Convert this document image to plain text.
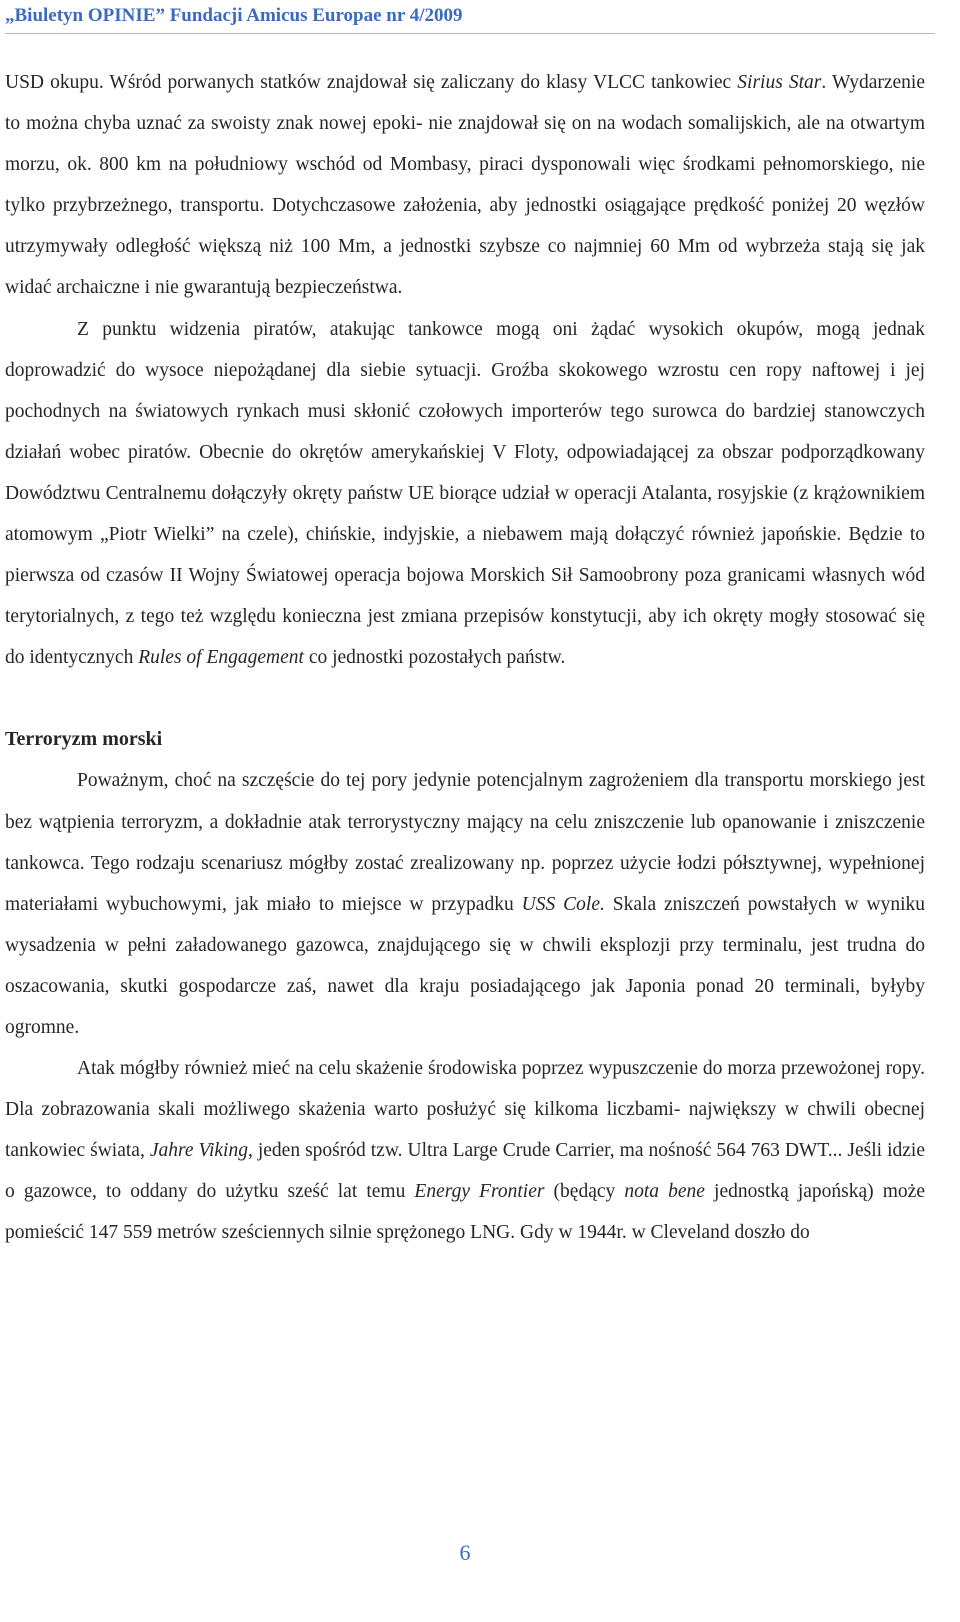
„Biuletyn OPINIE” Fundacji Amicus Europae nr 4/2009

USD okupu. Wśród porwanych statków znajdował się zaliczany do klasy VLCC tankowiec Sirius Star. Wydarzenie to można chyba uznać za swoisty znak nowej epoki- nie znajdował się on na wodach somalijskich, ale na otwartym morzu, ok. 800 km na południowy wschód od Mombasy, piraci dysponowali więc środkami pełnomorskiego, nie tylko przybrzeżnego, transportu. Dotychczasowe założenia, aby jednostki osiągające prędkość poniżej 20 węzłów utrzymywały odległość większą niż 100 Mm, a jednostki szybsze co najmniej 60 Mm od wybrzeża stają się jak widać archaiczne i nie gwarantują bezpieczeństwa.

Z punktu widzenia piratów, atakując tankowce mogą oni żądać wysokich okupów, mogą jednak doprowadzić do wysoce niepożądanej dla siebie sytuacji. Groźba skokowego wzrostu cen ropy naftowej i jej pochodnych na światowych rynkach musi skłonić czołowych importerów tego surowca do bardziej stanowczych działań wobec piratów. Obecnie do okrętów amerykańskiej V Floty, odpowiadającej za obszar podporządkowany Dowództwu Centralnemu dołączyły okręty państw UE biorące udział w operacji Atalanta, rosyjskie (z krążownikiem atomowym „Piotr Wielki” na czele), chińskie, indyjskie, a niebawem mają dołączyć również japońskie. Będzie to pierwsza od czasów II Wojny Światowej operacja bojowa Morskich Sił Samoobrony poza granicami własnych wód terytorialnych, z tego też względu konieczna jest zmiana przepisów konstytucji, aby ich okręty mogły stosować się do identycznych Rules of Engagement co jednostki pozostałych państw.

Terroryzm morski

Poważnym, choć na szczęście do tej pory jedynie potencjalnym zagrożeniem dla transportu morskiego jest bez wątpienia terroryzm, a dokładnie atak terrorystyczny mający na celu zniszczenie lub opanowanie i zniszczenie tankowca. Tego rodzaju scenariusz mógłby zostać zrealizowany np. poprzez użycie łodzi półsztywnej, wypełnionej materiałami wybuchowymi, jak miało to miejsce w przypadku USS Cole. Skala zniszczeń powstałych w wyniku wysadzenia w pełni załadowanego gazowca, znajdującego się w chwili eksplozji przy terminalu, jest trudna do oszacowania, skutki gospodarcze zaś, nawet dla kraju posiadającego jak Japonia ponad 20 terminali, byłyby ogromne.

Atak mógłby również mieć na celu skażenie środowiska poprzez wypuszczenie do morza przewożonej ropy. Dla zobrazowania skali możliwego skażenia warto posłużyć się kilkoma liczbami- największy w chwili obecnej tankowiec świata, Jahre Viking, jeden spośród tzw. Ultra Large Crude Carrier, ma nośność 564 763 DWT... Jeśli idzie o gazowce, to oddany do użytku sześć lat temu Energy Frontier (będący nota bene jednostką japońską) może pomieścić 147 559 metrów sześciennych silnie sprężonego LNG. Gdy w 1944r. w Cleveland doszło do

6
